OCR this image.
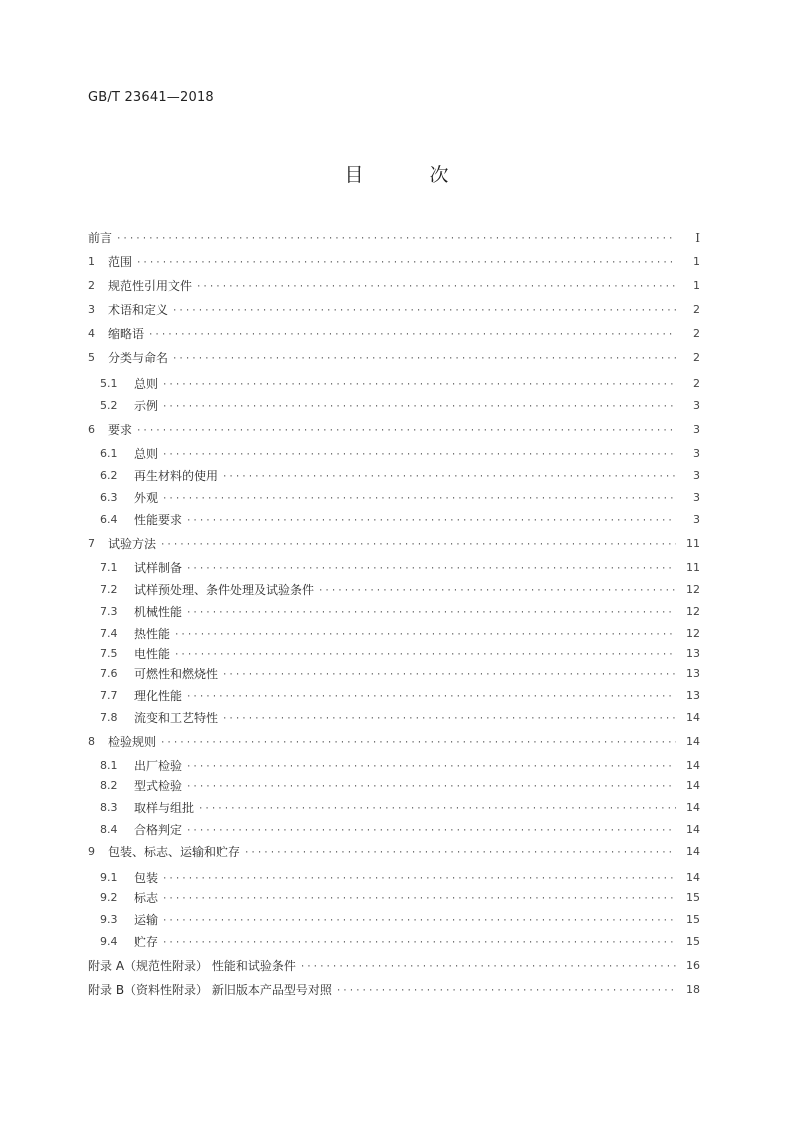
GB/T 23641—2018
目 次
前言 ·····	I
1	范围 ·····	1
2	规范性引用文件 ·····	1
3	术语和定义 ·····	2
4	缩略语 ·····	2
5	分类与命名 ·····	2
5.1	总则 ·····	2
5.2	示例 ·····	3
6	要求 ·····	3
6.1	总则 ·····	3
6.2	再生材料的使用 ·····	3
6.3	外观 ·····	3
6.4	性能要求 ·····	3
7	试验方法 ·····	11
7.1	试样制备 ·····	11
7.2	试样预处理、条件处理及试验条件 ·····	12
7.3	机械性能 ·····	12
7.4	热性能 ·····	12
7.5	电性能 ·····	13
7.6	可燃性和燃烧性 ·····	13
7.7	理化性能 ·····	13
7.8	流变和工艺特性 ·····	14
8	检验规则 ·····	14
8.1	出厂检验 ·····	14
8.2	型式检验 ·····	14
8.3	取样与组批 ·····	14
8.4	合格判定 ·····	14
9	包装、标志、运输和贮存 ·····	14
9.1	包装 ·····	14
9.2	标志 ·····	15
9.3	运输 ·····	15
9.4	贮存 ·····	15
附录 A（规范性附录） 性能和试验条件 ·····	16
附录 B（资料性附录） 新旧版本产品型号对照 ·····	18
